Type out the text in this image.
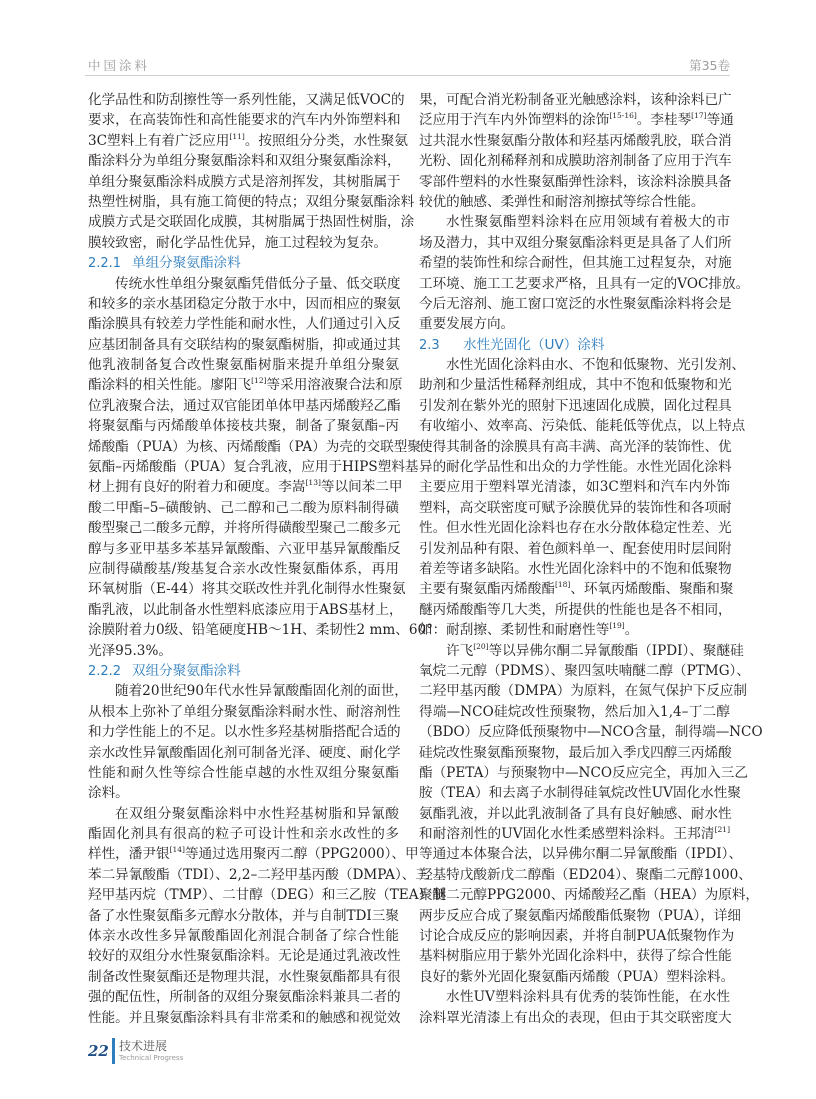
中国涂料	第35卷
化学品性和防刮擦性等一系列性能，又满足低VOC的
要求，在高装饰性和高性能要求的汽车内外饰塑料和
3C塑料上有着广泛应用[11]。按照组分分类，水性聚氨
酯涂料分为单组分聚氨酯涂料和双组分聚氨酯涂料，
单组分聚氨酯涂料成膜方式是溶剂挥发，其树脂属于
热塑性树脂，具有施工简便的特点；双组分聚氨酯涂料
成膜方式是交联固化成膜，其树脂属于热固性树脂，涂
膜较致密，耐化学品性优异，施工过程较为复杂。
2.2.1 单组分聚氨酯涂料
传统水性单组分聚氨酯凭借低分子量、低交联度
和较多的亲水基团稳定分散于水中，因而相应的聚氨
酯涂膜具有较差力学性能和耐水性，人们通过引入反
应基团制备具有交联结构的聚氨酯树脂，抑或通过其
他乳液制备复合改性聚氨酯树脂来提升单组分聚氨
酯涂料的相关性能。廖阳飞[12]等采用溶液聚合法和原
位乳液聚合法，通过双官能团单体甲基丙烯酸羟乙酯
将聚氨酯与丙烯酸单体接枝共聚，制备了聚氨酯–丙
烯酸酯（PUA）为核、丙烯酸酯（PA）为壳的交联型聚
氨酯–丙烯酸酯（PUA）复合乳液，应用于HIPS塑料基
材上拥有良好的附着力和硬度。李嵩[13]等以间苯二甲
酸二甲酯–5–磺酸钠、己二醇和己二酸为原料制得磺
酸型聚己二酸多元醇，并将所得磺酸型聚己二酸多元
醇与多亚甲基多苯基异氰酸酯、六亚甲基异氰酸酯反
应制得磺酸基/羧基复合亲水改性聚氨酯体系，再用
环氧树脂（E-44）将其交联改性并乳化制得水性聚氨
酯乳液，以此制备水性塑料底漆应用于ABS基材上，
涂膜附着力0级、铅笔硬度HB～1H、柔韧性2 mm、60°
光泽95.3%。
2.2.2 双组分聚氨酯涂料
随着20世纪90年代水性异氰酸酯固化剂的面世，
从根本上弥补了单组分聚氨酯涂料耐水性、耐溶剂性
和力学性能上的不足。以水性多羟基树脂搭配合适的
亲水改性异氰酸酯固化剂可制备光泽、硬度、耐化学
性能和耐久性等综合性能卓越的水性双组分聚氨酯
涂料。
在双组分聚氨酯涂料中水性羟基树脂和异氰酸
酯固化剂具有很高的粒子可设计性和亲水改性的多
样性，潘尹银[14]等通过选用聚丙二醇（PPG2000）、甲
苯二异氰酸酯（TDI）、2,2–二羟甲基丙酸（DMPA）、三
羟甲基丙烷（TMP）、二甘醇（DEG）和三乙胺（TEA）制
备了水性聚氨酯多元醇水分散体，并与自制TDI三聚
体亲水改性多异氰酸酯固化剂混合制备了综合性能
较好的双组分水性聚氨酯涂料。无论是通过乳液改性
制备改性聚氨酯还是物理共混，水性聚氨酯都具有很
强的配伍性，所制备的双组分聚氨酯涂料兼具二者的
性能。并且聚氨酯涂料具有非常柔和的触感和视觉效
果，可配合消光粉制备亚光触感涂料，该种涂料已广
泛应用于汽车内外饰塑料的涂饰[15-16]。李桂琴[17]等通
过共混水性聚氨酯分散体和羟基丙烯酸乳胶，联合消
光粉、固化剂稀释剂和成膜助溶剂制备了应用于汽车
零部件塑料的水性聚氨酯弹性涂料，该涂料涂膜具备
较优的触感、柔弹性和耐溶剂擦拭等综合性能。
水性聚氨酯塑料涂料在应用领域有着极大的市
场及潜力，其中双组分聚氨酯涂料更是具备了人们所
希望的装饰性和综合耐性，但其施工过程复杂，对施
工环境、施工工艺要求严格，且具有一定的VOC排放。
今后无溶剂、施工窗口宽泛的水性聚氨酯涂料将会是
重要发展方向。
2.3 水性光固化（UV）涂料
水性光固化涂料由水、不饱和低聚物、光引发剂、
助剂和少量活性稀释剂组成，其中不饱和低聚物和光
引发剂在紫外光的照射下迅速固化成膜，固化过程具
有收缩小、效率高、污染低、能耗低等优点，以上特点
使得其制备的涂膜具有高丰满、高光泽的装饰性、优
异的耐化学品性和出众的力学性能。水性光固化涂料
主要应用于塑料罩光清漆，如3C塑料和汽车内外饰
塑料，高交联密度可赋予涂膜优异的装饰性和各项耐
性。但水性光固化涂料也存在水分散体稳定性差、光
引发剂品种有限、着色颜料单一、配套使用时层间附
着差等诸多缺陷。水性光固化涂料中的不饱和低聚物
主要有聚氨酯丙烯酸酯[18]、环氧丙烯酸酯、聚酯和聚
醚丙烯酸酯等几大类，所提供的性能也是各不相同，
如：耐刮擦、柔韧性和耐磨性等[19]。
许飞[20]等以异佛尔酮二异氰酸酯（IPDI）、聚醚硅
氧烷二元醇（PDMS）、聚四氢呋喃醚二醇（PTMG）、
二羟甲基丙酸（DMPA）为原料，在氮气保护下反应制
得端—NCO硅烷改性预聚物，然后加入1,4–丁二醇
（BDO）反应降低预聚物中—NCO含量，制得端—NCO
硅烷改性聚氨酯预聚物，最后加入季戊四醇三丙烯酸
酯（PETA）与预聚物中—NCO反应完全，再加入三乙
胺（TEA）和去离子水制得硅氧烷改性UV固化水性聚
氨酯乳液，并以此乳液制备了具有良好触感、耐水性
和耐溶剂性的UV固化水性柔感塑料涂料。王邦清[21]
等通过本体聚合法，以异佛尔酮二异氰酸酯（IPDI）、
羟基特戊酸新戊二醇酯（ED204）、聚酯二元醇1000、
聚醚二元醇PPG2000、丙烯酸羟乙酯（HEA）为原料，
两步反应合成了聚氨酯丙烯酸酯低聚物（PUA），详细
讨论合成反应的影响因素，并将自制PUA低聚物作为
基料树脂应用于紫外光固化涂料中，获得了综合性能
良好的紫外光固化聚氨酯丙烯酸（PUA）塑料涂料。
水性UV塑料涂料具有优秀的装饰性能，在水性
涂料罩光清漆上有出众的表现，但由于其交联密度大
22 技术进展
Technical Progress
